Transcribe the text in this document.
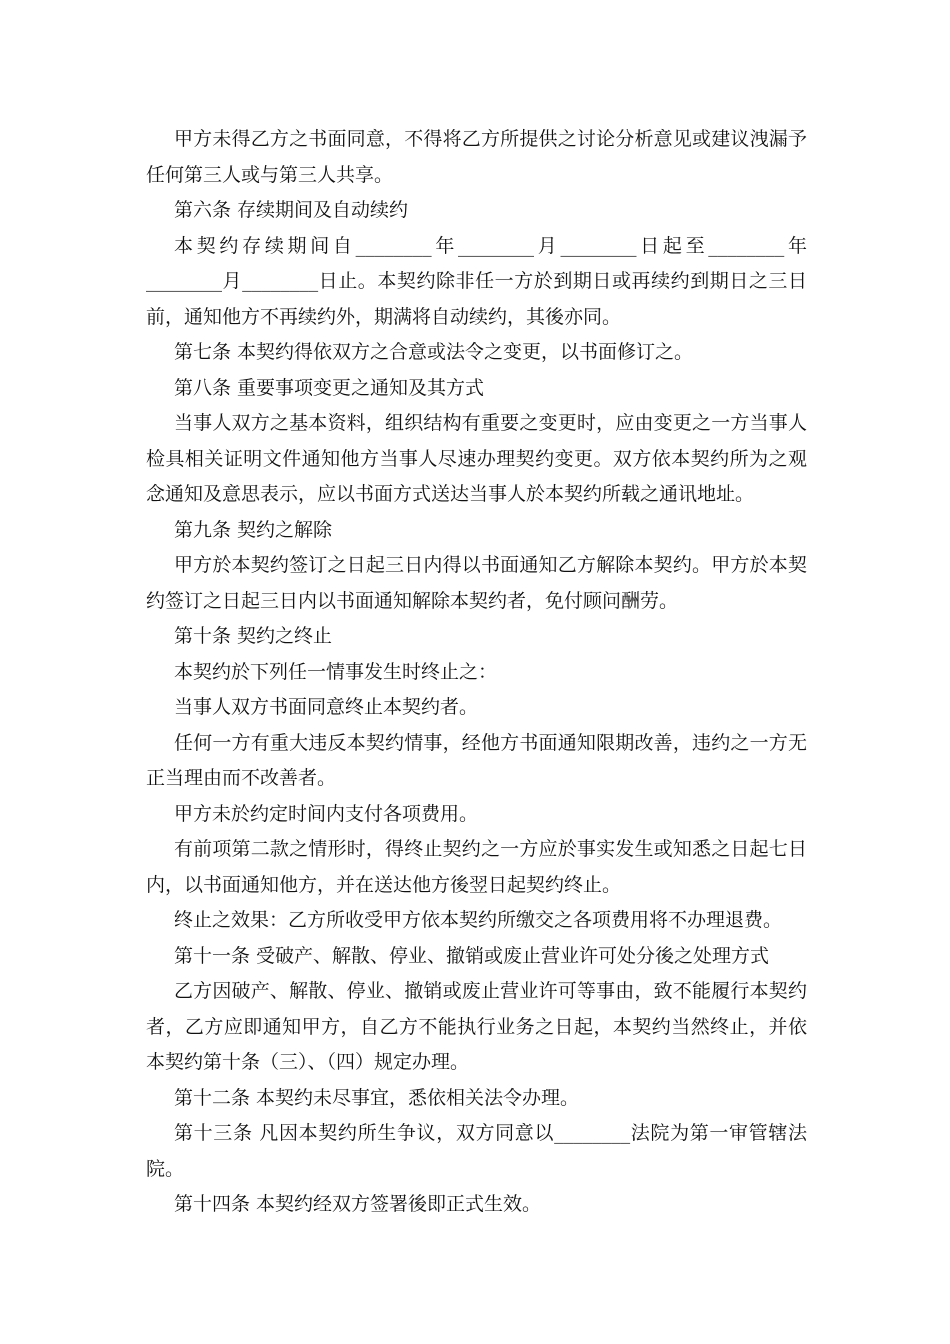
甲方未得乙方之书面同意，不得将乙方所提供之讨论分析意见或建议洩漏予任何第三人或与第三人共享。

第六条 存续期间及自动续约

本契约存续期间自________年________月________日起至________年________月________日止。本契约除非任一方於到期日或再续约到期日之三日前，通知他方不再续约外，期满将自动续约，其後亦同。

第七条 本契约得依双方之合意或法令之变更，以书面修订之。

第八条 重要事项变更之通知及其方式

当事人双方之基本资料，组织结构有重要之变更时，应由变更之一方当事人检具相关证明文件通知他方当事人尽速办理契约变更。双方依本契约所为之观念通知及意思表示，应以书面方式送达当事人於本契约所载之通讯地址。

第九条 契约之解除

甲方於本契约签订之日起三日内得以书面通知乙方解除本契约。甲方於本契约签订之日起三日内以书面通知解除本契约者，免付顾问酬劳。

第十条 契约之终止

本契约於下列任一情事发生时终止之：

当事人双方书面同意终止本契约者。

任何一方有重大违反本契约情事，经他方书面通知限期改善，违约之一方无正当理由而不改善者。

甲方未於约定时间内支付各项费用。

有前项第二款之情形时，得终止契约之一方应於事实发生或知悉之日起七日内，以书面通知他方，并在送达他方後翌日起契约终止。

终止之效果：乙方所收受甲方依本契约所缴交之各项费用将不办理退费。

第十一条 受破产、解散、停业、撤销或废止营业许可处分後之处理方式

乙方因破产、解散、停业、撤销或废止营业许可等事由，致不能履行本契约者，乙方应即通知甲方，自乙方不能执行业务之日起，本契约当然终止，并依本契约第十条（三）、（四）规定办理。

第十二条 本契约未尽事宜，悉依相关法令办理。

第十三条 凡因本契约所生争议，双方同意以________法院为第一审管辖法院。

第十四条 本契约经双方签署後即正式生效。
